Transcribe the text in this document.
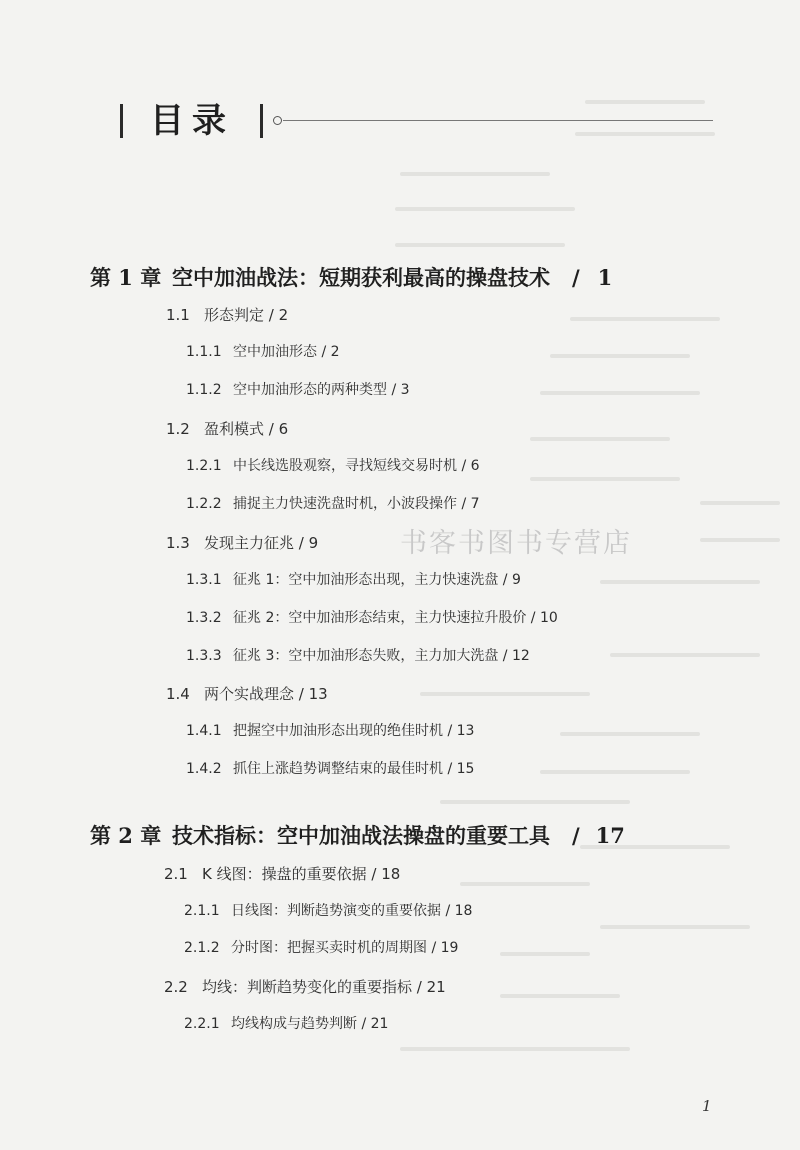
目录
第 1 章 空中加油战法：短期获利最高的操盘技术 / 1
1.1 形态判定 / 2
1.1.1 空中加油形态 / 2
1.1.2 空中加油形态的两种类型 / 3
1.2 盈利模式 / 6
1.2.1 中长线选股观察，寻找短线交易时机 / 6
1.2.2 捕捉主力快速洗盘时机，小波段操作 / 7
1.3 发现主力征兆 / 9
1.3.1 征兆 1：空中加油形态出现，主力快速洗盘 / 9
1.3.2 征兆 2：空中加油形态结束，主力快速拉升股价 / 10
1.3.3 征兆 3：空中加油形态失败，主力加大洗盘 / 12
1.4 两个实战理念 / 13
1.4.1 把握空中加油形态出现的绝佳时机 / 13
1.4.2 抓住上涨趋势调整结束的最佳时机 / 15
第 2 章 技术指标：空中加油战法操盘的重要工具 / 17
2.1 K 线图：操盘的重要依据 / 18
2.1.1 日线图：判断趋势演变的重要依据 / 18
2.1.2 分时图：把握买卖时机的周期图 / 19
2.2 均线：判断趋势变化的重要指标 / 21
2.2.1 均线构成与趋势判断 / 21
书客书图书专营店
1
